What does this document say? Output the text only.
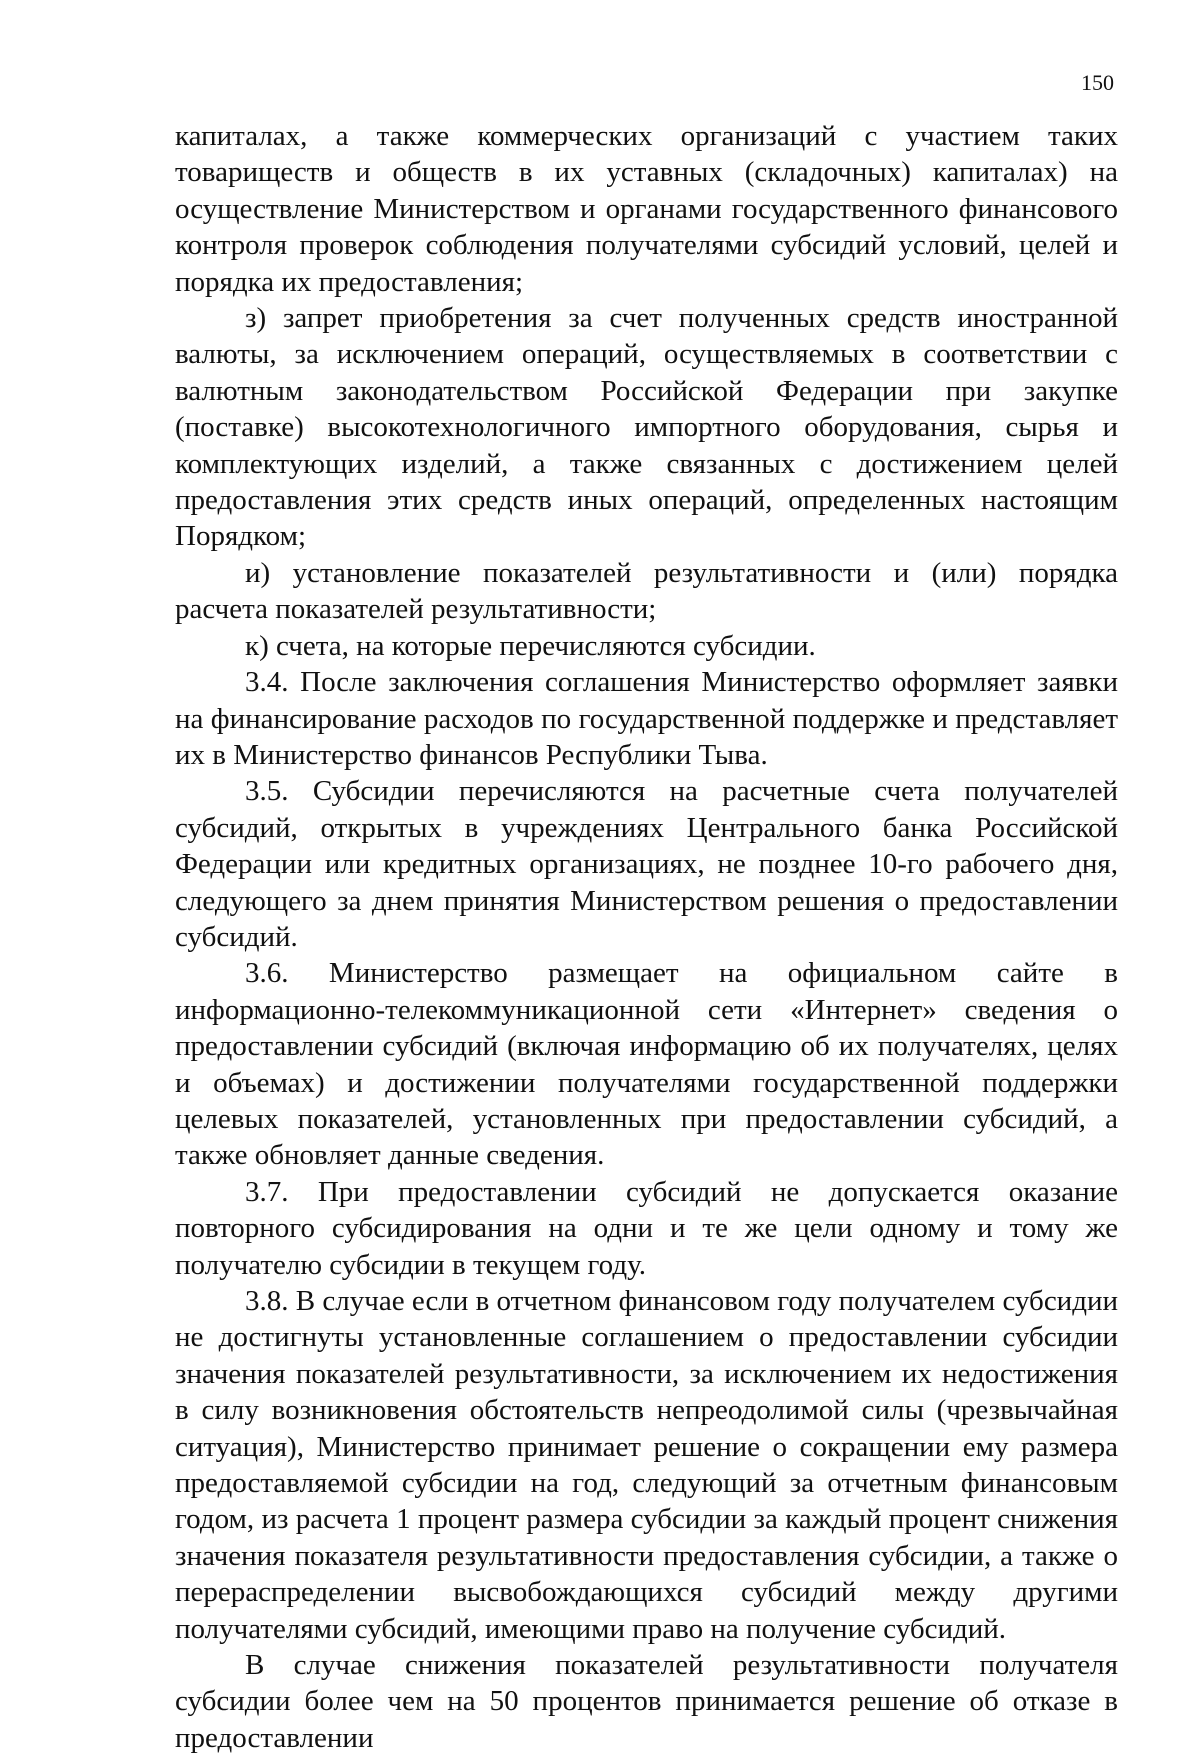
150

капиталах, а также коммерческих организаций с участием таких товариществ и обществ в их уставных (складочных) капиталах) на осуществление Министерством и органами государственного финансового контроля проверок соблюдения получателями субсидий условий, целей и порядка их предоставления;

з) запрет приобретения за счет полученных средств иностранной валюты, за исключением операций, осуществляемых в соответствии с валютным законодательством Российской Федерации при закупке (поставке) высокотехнологичного импортного оборудования, сырья и комплектующих изделий, а также связанных с достижением целей предоставления этих средств иных операций, определенных настоящим Порядком;

и) установление показателей результативности и (или) порядка расчета показателей результативности;

к) счета, на которые перечисляются субсидии.

3.4. После заключения соглашения Министерство оформляет заявки на финансирование расходов по государственной поддержке и представляет их в Министерство финансов Республики Тыва.

3.5. Субсидии перечисляются на расчетные счета получателей субсидий, открытых в учреждениях Центрального банка Российской Федерации или кредитных организациях, не позднее 10-го рабочего дня, следующего за днем принятия Министерством решения о предоставлении субсидий.

3.6. Министерство размещает на официальном сайте в информационно-телекоммуникационной сети «Интернет» сведения о предоставлении субсидий (включая информацию об их получателях, целях и объемах) и достижении получателями государственной поддержки целевых показателей, установленных при предоставлении субсидий, а также обновляет данные сведения.

3.7. При предоставлении субсидий не допускается оказание повторного субсидирования на одни и те же цели одному и тому же получателю субсидии в текущем году.

3.8. В случае если в отчетном финансовом году получателем субсидии не достигнуты установленные соглашением о предоставлении субсидии значения показателей результативности, за исключением их недостижения в силу возникновения обстоятельств непреодолимой силы (чрезвычайная ситуация), Министерство принимает решение о сокращении ему размера предоставляемой субсидии на год, следующий за отчетным финансовым годом, из расчета 1 процент размера субсидии за каждый процент снижения значения показателя результативности предоставления субсидии, а также о перераспределении высвобождающихся субсидий между другими получателями субсидий, имеющими право на получение субсидий.

В случае снижения показателей результативности получателя субсидии более чем на 50 процентов принимается решение об отказе в предоставлении
